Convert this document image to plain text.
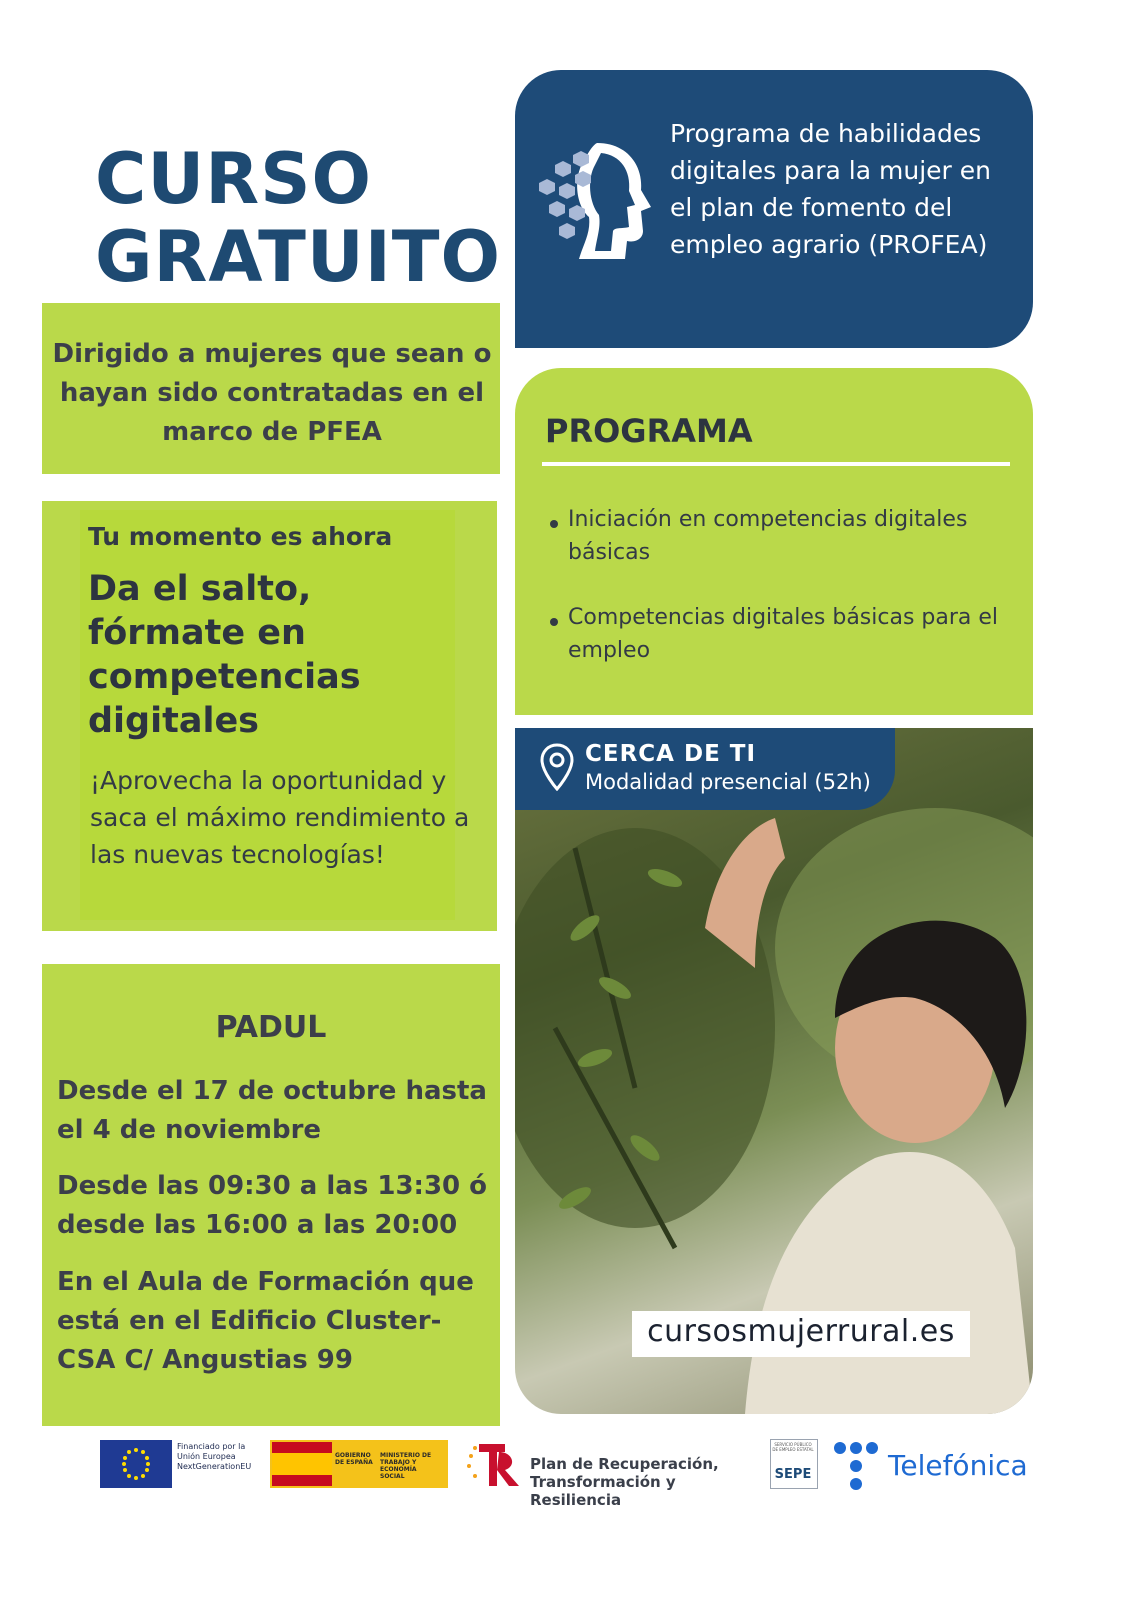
CURSO
GRATUITO
Programa de habilidades digitales para la mujer en el plan de fomento del empleo agrario (PROFEA)
Dirigido a mujeres que sean o hayan sido contratadas en el marco de PFEA
Tu momento es ahora
Da el salto, fórmate en competencias digitales
¡Aprovecha la oportunidad y saca el máximo rendimiento a las nuevas tecnologías!
PADUL
Desde el 17 de octubre hasta el 4 de noviembre
Desde las 09:30 a las 13:30 ó desde las 16:00 a las 20:00
En el Aula de Formación que está en el Edificio Cluster-CSA C/ Angustias 99
PROGRAMA
Iniciación en competencias digitales básicas
Competencias digitales básicas para el empleo
CERCA DE TI
Modalidad presencial (52h)
cursosmujerrural.es
Financiado por la Unión Europea NextGenerationEU
GOBIERNO DE ESPAÑA
MINISTERIO DE TRABAJO Y ECONOMÍA SOCIAL
Plan de Recuperación, Transformación y Resiliencia
SERVICIO PÚBLICO DE EMPLEO ESTATAL
SEPE	Telefónica
